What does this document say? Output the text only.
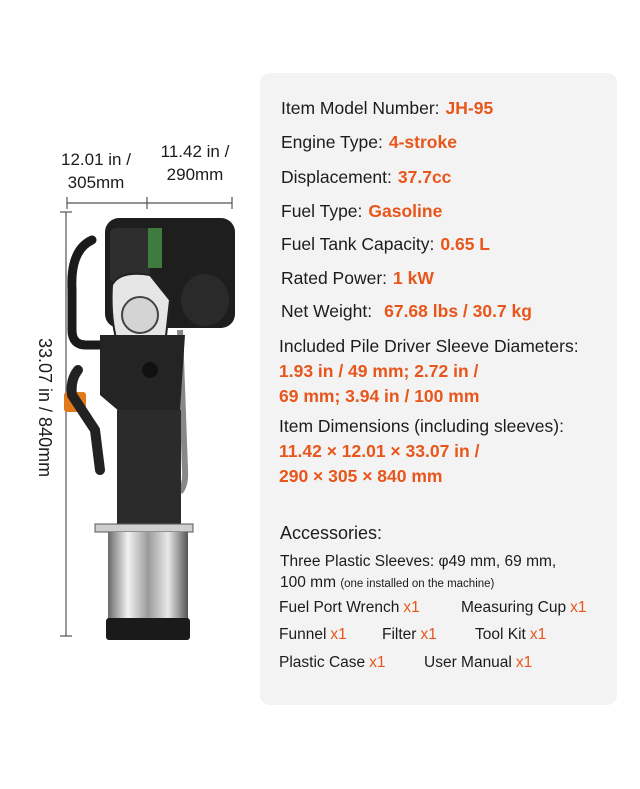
12.01 in /
305mm
11.42 in /
290mm
33.07 in / 840mm
Item Model Number: JH-95
Engine Type: 4-stroke
Displacement: 37.7cc
Fuel Type: Gasoline
Fuel Tank Capacity: 0.65 L
Rated Power: 1 kW
Net Weight: 67.68 lbs / 30.7 kg
Included Pile Driver Sleeve Diameters:
1.93 in / 49 mm; 2.72 in /
69 mm; 3.94 in / 100 mm
Item Dimensions (including sleeves):
11.42 × 12.01 × 33.07 in /
290 × 305 × 840 mm
Accessories:
Three Plastic Sleeves: φ49 mm, 69 mm,
100 mm (one installed on the machine)
Fuel Port Wrench x1	Measuring Cup x1
Funnel x1 Filter x1 Tool Kit x1
Plastic Case x1 User Manual x1
